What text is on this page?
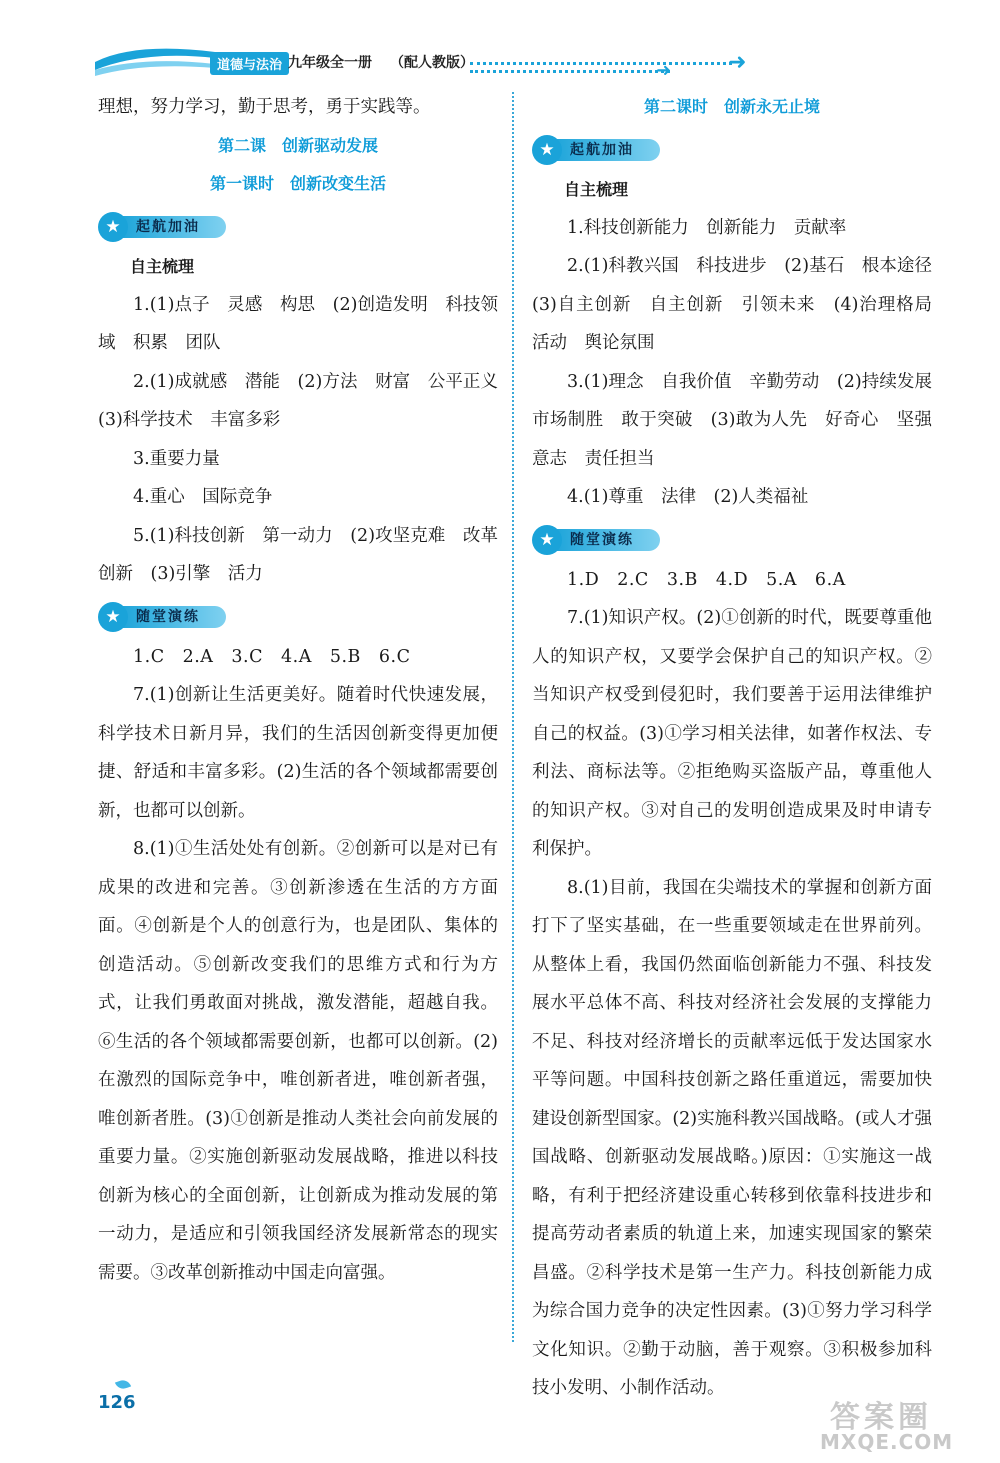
道德与法治 九年级全一册 （配人教版）	➜
➜

理想，努力学习，勤于思考，勇于实践等。

第二课　创新驱动发展

第一课时　创新改变生活

★	起航加油

自主梳理

1.(1)点子　灵感　构思　(2)创造发明　科技领域　积累　团队

2.(1)成就感　潜能　(2)方法　财富　公平正义　(3)科学技术　丰富多彩

3.重要力量

4.重心　国际竞争

5.(1)科技创新　第一动力　(2)攻坚克难　改革创新　(3)引擎　活力

★	随堂演练

1.C　2.A　3.C　4.A　5.B　6.C

7.(1)创新让生活更美好。随着时代快速发展，科学技术日新月异，我们的生活因创新变得更加便捷、舒适和丰富多彩。(2)生活的各个领域都需要创新，也都可以创新。

8.(1)①生活处处有创新。②创新可以是对已有成果的改进和完善。③创新渗透在生活的方方面面。④创新是个人的创意行为，也是团队、集体的创造活动。⑤创新改变我们的思维方式和行为方式，让我们勇敢面对挑战，激发潜能，超越自我。⑥生活的各个领域都需要创新，也都可以创新。(2)在激烈的国际竞争中，唯创新者进，唯创新者强，唯创新者胜。(3)①创新是推动人类社会向前发展的重要力量。②实施创新驱动发展战略，推进以科技创新为核心的全面创新，让创新成为推动发展的第一动力，是适应和引领我国经济发展新常态的现实需要。③改革创新推动中国走向富强。

第二课时　创新永无止境

★	起航加油

自主梳理

1.科技创新能力　创新能力　贡献率

2.(1)科教兴国　科技进步　(2)基石　根本途径　(3)自主创新　自主创新　引领未来　(4)治理格局　活动　舆论氛围

3.(1)理念　自我价值　辛勤劳动　(2)持续发展　市场制胜　敢于突破　(3)敢为人先　好奇心　坚强意志　责任担当

4.(1)尊重　法律　(2)人类福祉

★	随堂演练

1.D　2.C　3.B　4.D　5.A　6.A

7.(1)知识产权。(2)①创新的时代，既要尊重他人的知识产权，又要学会保护自己的知识产权。②当知识产权受到侵犯时，我们要善于运用法律维护自己的权益。(3)①学习相关法律，如著作权法、专利法、商标法等。②拒绝购买盗版产品，尊重他人的知识产权。③对自己的发明创造成果及时申请专利保护。

8.(1)目前，我国在尖端技术的掌握和创新方面打下了坚实基础，在一些重要领域走在世界前列。从整体上看，我国仍然面临创新能力不强、科技发展水平总体不高、科技对经济社会发展的支撑能力不足、科技对经济增长的贡献率远低于发达国家水平等问题。中国科技创新之路任重道远，需要加快建设创新型国家。(2)实施科教兴国战略。(或人才强国战略、创新驱动发展战略。)原因：①实施这一战略，有利于把经济建设重心转移到依靠科技进步和提高劳动者素质的轨道上来，加速实现国家的繁荣昌盛。②科学技术是第一生产力。科技创新能力成为综合国力竞争的决定性因素。(3)①努力学习科学文化知识。②勤于动脑，善于观察。③积极参加科技小发明、小制作活动。

126	答案圈
MXQE.COM
